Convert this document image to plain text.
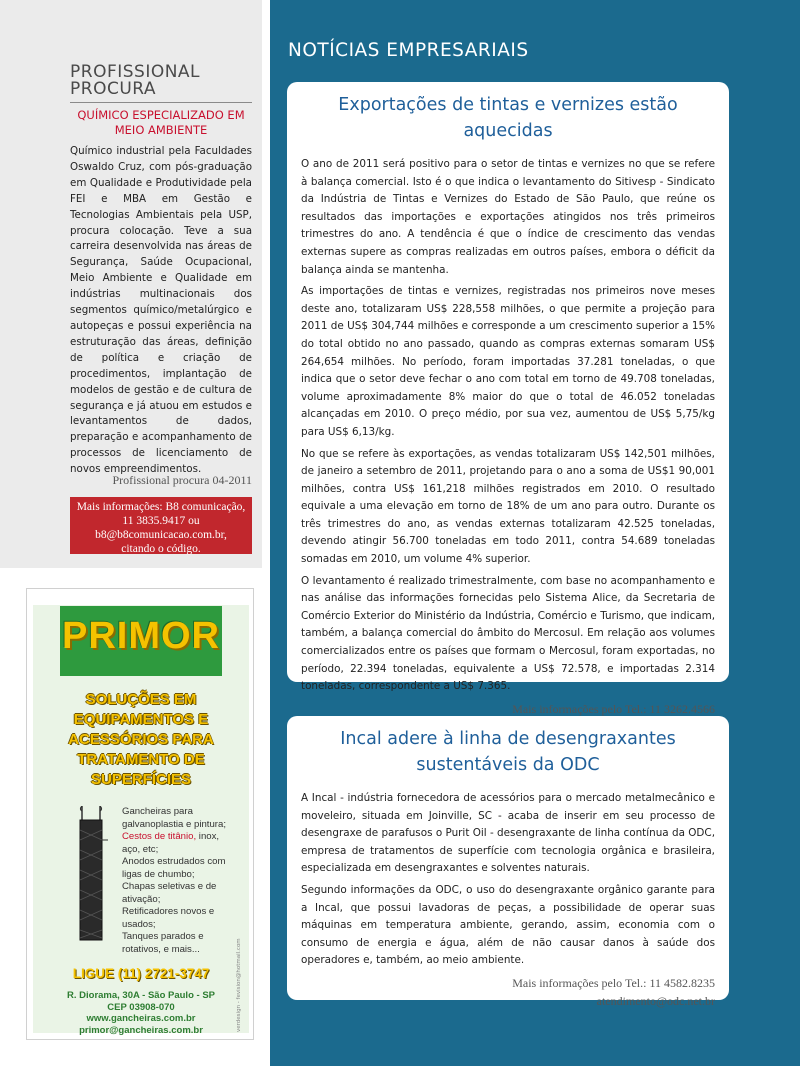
PROFISSIONAL
PROCURA
QUÍMICO ESPECIALIZADO EM MEIO AMBIENTE
Químico industrial pela Faculdades Oswaldo Cruz, com pós-graduação em Qualidade e Produtividade pela FEI e MBA em Gestão e Tecnologias Ambientais pela USP, procura colocação. Teve a sua carreira desenvolvida nas áreas de Segurança, Saúde Ocupacional, Meio Ambiente e Qualidade em indústrias multinacionais dos segmentos químico/metalúrgico e autopeças e possui experiência na estruturação das áreas, definição de política e criação de procedimentos, implantação de modelos de gestão e de cultura de segurança e já atuou em estudos e levantamentos de dados, preparação e acompanhamento de processos de licenciamento de novos empreendimentos.
Profissional procura 04-2011
Mais informações: B8 comunicação,
11 3835.9417 ou
b8@b8comunicacao.com.br,
citando o código.
PRIMOR
SOLUÇÕES EM EQUIPAMENTOS E ACESSÓRIOS PARA TRATAMENTO DE SUPERFÍCIES
Gancheiras para
galvanoplastia e pintura;
Cestos de titânio, inox,
aço, etc;
Anodos estrudados com
ligas de chumbo;
Chapas seletivas e de
ativação;
Retificadores novos e
usados;
Tanques parados e
rotativos, e mais...
LIGUE (11) 2721-3747
R. Diorama, 30A - São Paulo - SP
CEP 03908-070
www.gancheiras.com.br
primor@gancheiras.com.br	verdesign - fevision@hotmail.com
NOTÍCIAS EMPRESARIAIS
Exportações de tintas e vernizes estão aquecidas

O ano de 2011 será positivo para o setor de tintas e vernizes no que se refere à balança comercial. Isto é o que indica o levantamento do Sitivesp - Sindicato da Indústria de Tintas e Vernizes do Estado de São Paulo, que reúne os resultados das importações e exportações atingidos nos três primeiros trimestres do ano. A tendência é que o índice de crescimento das vendas externas supere as compras realizadas em outros países, embora o déficit da balança ainda se mantenha.

As importações de tintas e vernizes, registradas nos primeiros nove meses deste ano, totalizaram US$ 228,558 milhões, o que permite a projeção para 2011 de US$ 304,744 milhões e corresponde a um crescimento superior a 15% do total obtido no ano passado, quando as compras externas somaram US$ 264,654 milhões. No período, foram importadas 37.281 toneladas, o que indica que o setor deve fechar o ano com total em torno de 49.708 toneladas, volume aproximadamente 8% maior do que o total de 46.052 toneladas alcançadas em 2010. O preço médio, por sua vez, aumentou de US$ 5,75/kg para US$ 6,13/kg.

No que se refere às exportações, as vendas totalizaram US$ 142,501 milhões, de janeiro a setembro de 2011, projetando para o ano a soma de US$1 90,001 milhões, contra US$ 161,218 milhões registrados em 2010. O resultado equivale a uma elevação em torno de 18% de um ano para outro. Durante os três trimestres do ano, as vendas externas totalizaram 42.525 toneladas, devendo atingir 56.700 toneladas em todo 2011, contra 54.689 toneladas somadas em 2010, um volume 4% superior.

O levantamento é realizado trimestralmente, com base no acompanhamento e nas análise das informações fornecidas pelo Sistema Alice, da Secretaria de Comércio Exterior do Ministério da Indústria, Comércio e Turismo, que indicam, também, a balança comercial do âmbito do Mercosul. Em relação aos volumes comercializados entre os países que formam o Mercosul, foram exportadas, no período, 22.394 toneladas, equivalente a US$ 72.578, e importadas 2.314 toneladas, correspondente a US$ 7.365.

Mais informações pelo Tel.: 11 3262.4566
Incal adere à linha de desengraxantes sustentáveis da ODC

A Incal - indústria fornecedora de acessórios para o mercado metalmecânico e moveleiro, situada em Joinville, SC - acaba de inserir em seu processo de desengraxe de parafusos o Purit Oil - desengraxante de linha contínua da ODC, empresa de tratamentos de superfície com tecnologia orgânica e brasileira, especializada em desengraxantes e solventes naturais.

Segundo informações da ODC, o uso do desengraxante orgânico garante para a Incal, que possui lavadoras de peças, a possibilidade de operar suas máquinas em temperatura ambiente, gerando, assim, economia com o consumo de energia e água, além de não causar danos à saúde dos operadores e, também, ao meio ambiente.

Mais informações pelo Tel.: 11 4582.8235
atendimento@odc.net.br
